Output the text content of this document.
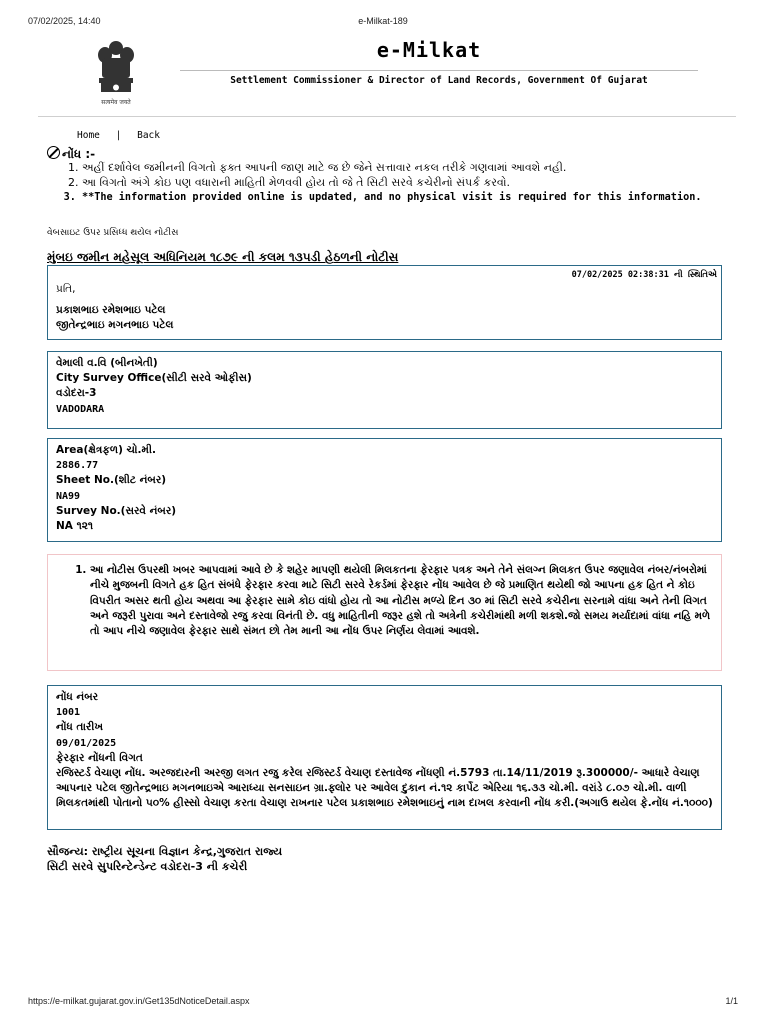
07/02/2025, 14:40	e-Milkat-189
सत्यमेव जयते
e-Milkat
Settlement Commissioner & Director of Land Records, Government Of Gujarat
Home | Back
નોંધ :-
1. અહીં દર્શાવેલ જમીનની વિગતો ફક્ત આપની જાણ માટે જ છે જેને સત્તાવાર નકલ તરીકે ગણવામાં આવશે નહી.
2. આ વિગતો અંગે કોઇ પણ વધારાની માહિતી મેળવવી હોય તો જે તે સિટી સરવે કચેરીનો સંપર્ક કરવો.
3. **The information provided online is updated, and no physical visit is required for this information.
વેબસાઇટ ઉપર પ્રસિધ્ધ થયેલ નોટીસ
મુંબઇ જમીન મહેસૂલ અધિનિયમ ૧૮૭૯ ની કલમ ૧૩૫ડી હેઠળની નોટીસ
07/02/2025 02:38:31 ની સ્થિતિએ
પ્રતિ,
પ્રકાશભાઇ રમેશભાઇ પટેલ
જીતેન્દ્રભાઇ મગનભાઇ પટેલ
વેમાલી વ.વિ (બીનખેતી)
City Survey Office(સીટી સરવે ઓફીસ)
વડોદરા-3
VADODARA
Area(ક્ષેત્રફળ) ચો.મી.
2886.77
Sheet No.(શીટ નંબર)
NA99
Survey No.(સરવે નંબર)
NA ૧૨૧
1. આ નોટીસ ઉપરથી ખબર આપવામાં આવે છે કે શહેર માપણી થયેલી મિલકતના ફેરફાર પત્રક અને તેને સંલગ્ન મિલકત ઉપર જણાવેલ નંબર/નંબરોમાં નીચે મુજબની વિગતે હક હિત સંબંધે ફેરફાર કરવા માટે સિટી સરવે રેકર્ડમાં ફેરફાર નોંધ આવેલ છે જે પ્રમાણિત થયેથી જો આપના હક હિત ને કોઇ વિપરીત અસર થતી હોય અથવા આ ફેરફાર સામે કોઇ વાંધો હોય તો આ નોટીસ મળ્યે દિન ૩૦ માં સિટી સરવે કચેરીના સરનામે વાંધા અને તેની વિગત અને જરૂરી પુરાવા અને દસ્તાવેજો રજુ કરવા વિનંતી છે. વધુ માહિતીની જરૂર હશે તો અત્રેની કચેરીમાંથી મળી શકશે.જો સમય મર્યાદામાં વાંધા નહિ મળે તો આપ નીચે જણાવેલ ફેરફાર સાથે સંમત છો તેમ માની આ નોંધ ઉપર નિર્ણય લેવામાં આવશે.
નોંધ નંબર
1001
નોંધ તારીખ
09/01/2025
ફેરફાર નોંધની વિગત
રજિસ્ટર્ડ વેચાણ નોંધ. અરજદારની અરજી લગત રજુ કરેલ રજિસ્ટર્ડ વેચાણ દસ્તાવેજ નોંધણી નં.5793 તા.14/11/2019 રૂ.300000/- આધારે વેચાણ આપનાર પટેલ જીતેન્દ્રભાઇ મગનભાઇએ આરાધ્યા સનસાઇન ગ્રા.ફ્લોર પર આવેલ દુકાન નં.૧૨ કાર્પેટ એરિયા ૧૬.૩૩ ચો.મી. વરાંડે ૮.૦૭ ચો.મી. વાળી મિલકતમાંથી પોતાનો ૫૦% હીસ્સો વેચાણ કરતા વેચાણ રાખનાર પટેલ પ્રકાશભાઇ રમેશભાઇનું નામ દાખલ કરવાની નોંધ કરી.(અગાઉ થયેલ ફે.નોંધ નં.૧૦૦૦)
સૌજન્ય: રાષ્ટ્રીય સૂચના વિજ્ઞાન કેન્દ્ર,ગુજરાત રાજ્ય
સિટી સરવે સુપરિન્ટેન્ડેન્ટ વડોદરા-3 ની કચેરી
https://e-milkat.gujarat.gov.in/Get135dNoticeDetail.aspx	1/1
